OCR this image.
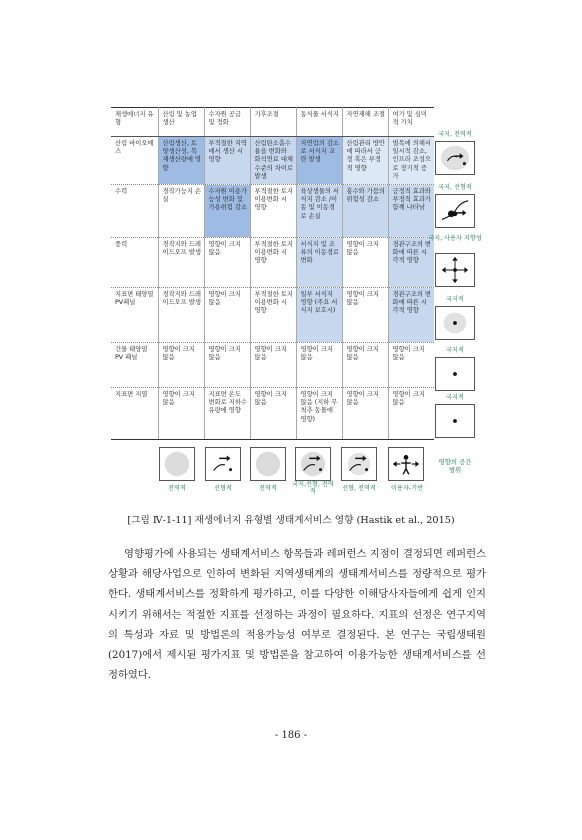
재생에너지 유형	산림 및 농업생산	수자원 공급 및 정화	기후조절	동식물 서식지	자연재해 조절	여가 및 심미적 가치
산림 바이오매스	산림생산, 토양생산성, 목재생산량에 영향	부적절한 지역에서 생산 시 영향	산림탄소흡수율을 변화와 화석연료 대체수준의 차이로 발생	자연림의 감소로 서식지 교란 발생	산림관리 방안에 따라서 긍정 혹은 부정적 영향	벌목에 의해서 일시적 감소, 인프라 조성으로 장기적 증가
수력	경작가능지 손실	수자원 이용가능성 변화 및 가용위험 감소	부적절한 토지이용변화 시 영향	육상생물의 서식지 감소 /이동 및 이동경로 손실	홍수와 가뭄의 위험성 감소	긍정적 효과와 부정적 효과가 함께 나타남
풍력	경작지와 드레이드오프 발생	영향이 크지 않음	부적절한 토지이용변화 시 영향	서식지 및 조류의 이동경로 변화	영향이 크지 않음	경관구조의 변화에 따른 시각적 영향
지표면 태양열 PV패널	경작지와 드레이드오프 발생	영향이 크지 않음	부적절한 토지이용변화 시 영향	일부 서식지 영향 (주요 서식지 보호시)	영향이 크지 않음	경관구조의 변화에 따른 시각적 영향
건물 태양열 PV 패널	영향이 크지 않음	영향이 크지 않음	영향이 크지 않음	영향이 크지 않음	영향이 크지 않음	영향이 크지 않음
지표면 지열	영향이 크지 않음	지표면 온도 변화로 지하수 유량에 영향	영향이 크지 않음	영향이 크지 않음 (지하 무척추 동물에 영향)	영향이 크지 않음	영향이 크지 않음
국지, 전역적
국지, 선형적
국지, 사용자 지향성
국지적
국지적
국지적
전역적	선형적	전역적
국지,선형, 전역적	선형, 전역적	이용자-기반
영향의 공간범위
[그림 Ⅳ-1-11] 재생에너지 유형별 생태계서비스 영향 (Hastik et al., 2015)

영향평가에 사용되는 생태계서비스 항목들과 레퍼런스 지점이 결정되면 레퍼런스 상황과 해당사업으로 인하여 변화된 지역생태계의 생태계서비스를 정량적으로 평가한다. 생태계서비스를 정확하게 평가하고, 이를 다양한 이해당사자들에게 쉽게 인지시키기 위해서는 적절한 지표를 선정하는 과정이 필요하다. 지표의 선정은 연구지역의 특성과 자료 및 방법론의 적용가능성 여부로 결정된다. 본 연구는 국립생태원(2017)에서 제시된 평가지표 및 방법론을 참고하여 이용가능한 생태계서비스를 선정하였다.

- 186 -
